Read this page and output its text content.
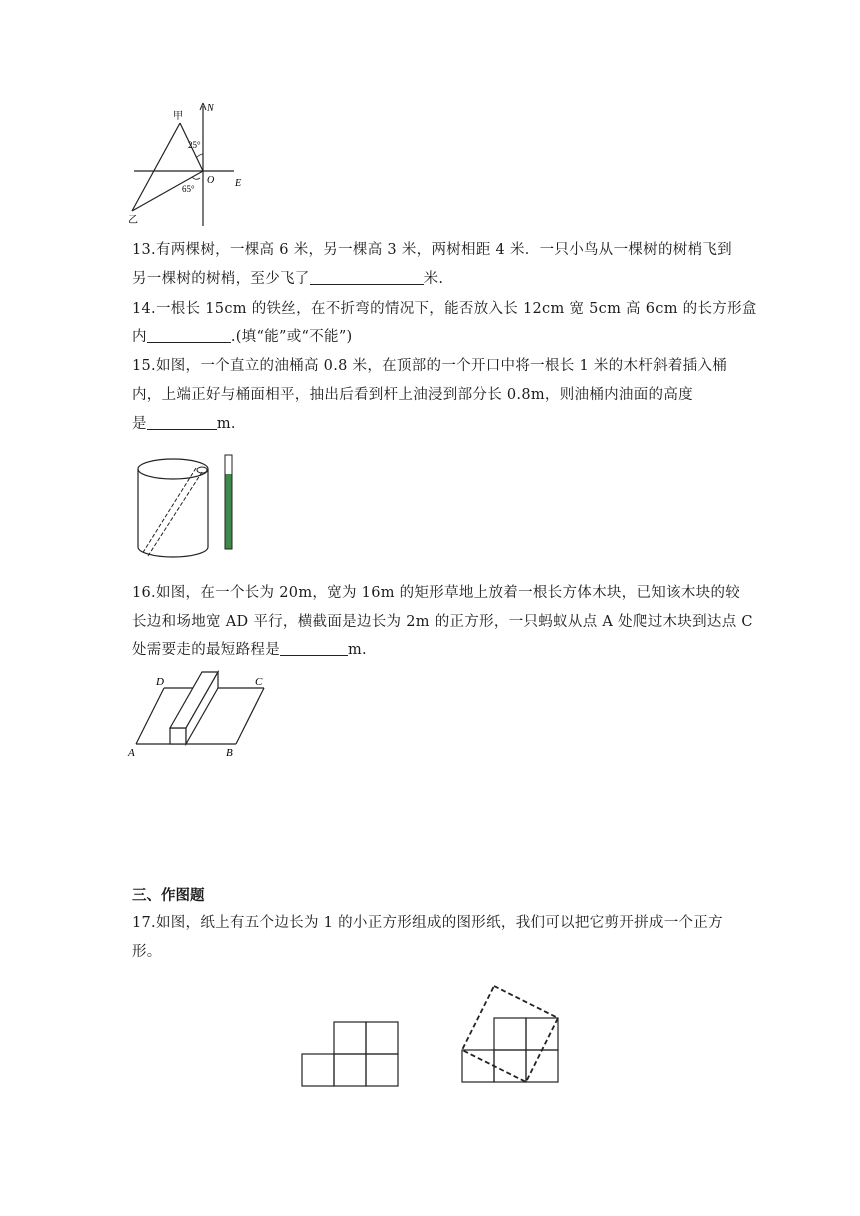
N
E
O
甲
乙
25°
65°
13.有两棵树，一棵高 6 米，另一棵高 3 米，两树相距 4 米．一只小鸟从一棵树的树梢飞到
另一棵树的树梢，至少飞了	米.
14.一根长 15cm 的铁丝，在不折弯的情况下，能否放入长 12cm 宽 5cm 高 6cm 的长方形盒
内	.(填“能”或“不能”)
15.如图，一个直立的油桶高 0.8 米，在顶部的一个开口中将一根长 1 米的木杆斜着插入桶
内，上端正好与桶面相平，抽出后看到杆上油浸到部分长 0.8m，则油桶内油面的高度
是	m.
16.如图，在一个长为 20m，宽为 16m 的矩形草地上放着一根长方体木块，已知该木块的较
长边和场地宽 AD 平行，横截面是边长为 2m 的正方形，一只蚂蚁从点 A 处爬过木块到达点 C
处需要走的最短路程是	m.
A	B
C
D
三、作图题
17.如图，纸上有五个边长为 1 的小正方形组成的图形纸，我们可以把它剪开拼成一个正方
形。
